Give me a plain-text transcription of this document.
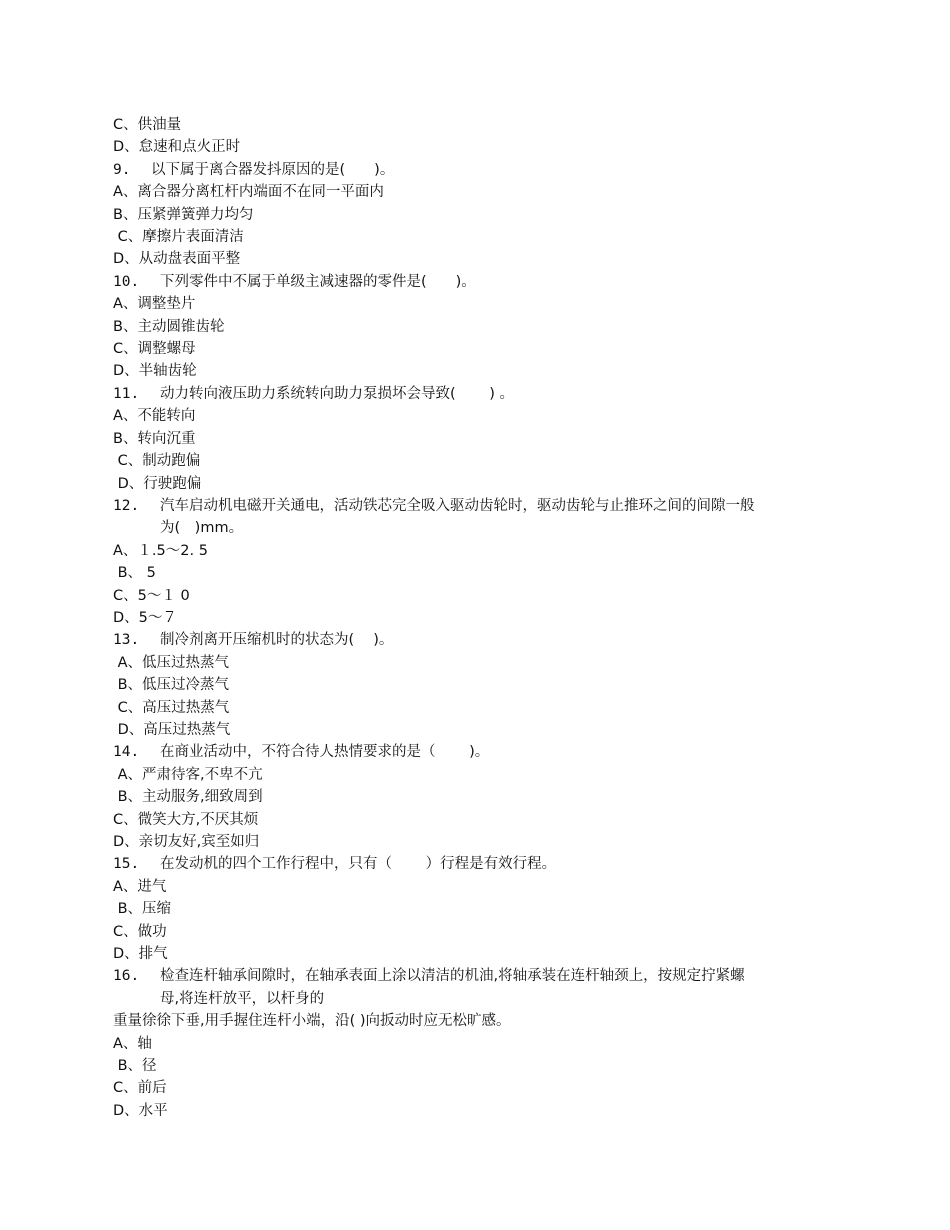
C、供油量
D、怠速和点火正时
9.	以下属于离合器发抖原因的是(　　)。
A、离合器分离杠杆内端面不在同一平面内
B、压紧弹簧弹力均匀
C、摩擦片表面清洁
D、从动盘表面平整
10.	下列零件中不属于单级主减速器的零件是(　　)。
A、调整垫片
B、主动圆锥齿轮
C、调整螺母
D、半轴齿轮
11.	动力转向液压助力系统转向助力泵损坏会导致(　　 ) 。
A、不能转向
B、转向沉重
C、制动跑偏
D、行驶跑偏
12.	汽车启动机电磁开关通电，活动铁芯完全吸入驱动齿轮时，驱动齿轮与止推环之间的间隙一般
为(　)mm。
A、１.5～2. 5
B、 5
C、5～１ 0
D、5～７
13.	制冷剂离开压缩机时的状态为(　 )。
A、低压过热蒸气
B、低压过冷蒸气
C、高压过热蒸气
D、高压过热蒸气
14.	在商业活动中，不符合待人热情要求的是（　　 )。
A、严肃待客,不卑不亢
B、主动服务,细致周到
C、微笑大方,不厌其烦
D、亲切友好,宾至如归
15.	在发动机的四个工作行程中，只有（　　 ）行程是有效行程。
A、进气
B、压缩
C、做功
D、排气
16.	检查连杆轴承间隙时，在轴承表面上涂以清洁的机油,将轴承装在连杆轴颈上，按规定拧紧螺
母,将连杆放平，以杆身的
重量徐徐下垂,用手握住连杆小端，沿( )向扳动时应无松旷感。
A、轴
B、径
C、前后
D、水平
